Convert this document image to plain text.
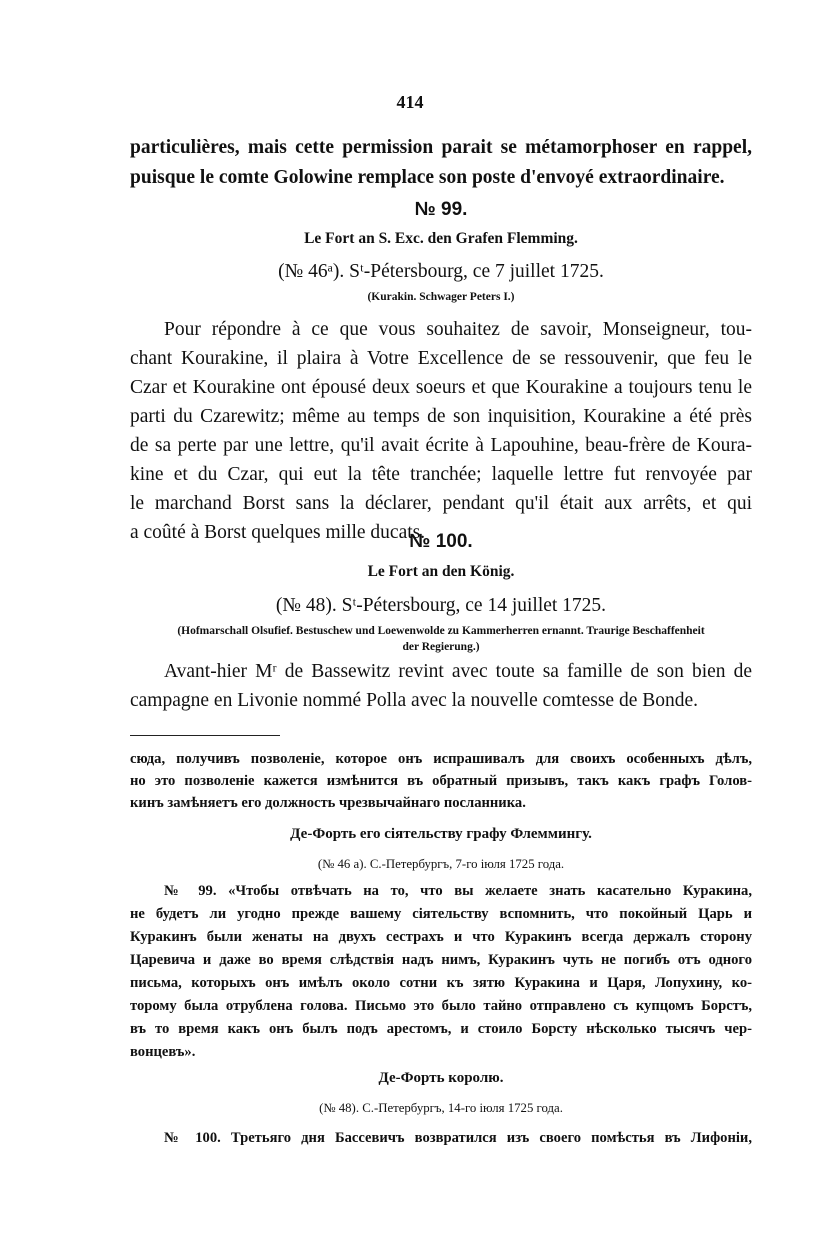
414
particulières, mais cette permission parait se métamorphoser en rappel,
puisque le comte Golowine remplace son poste d'envoyé extraordinaire.
№ 99.
Le Fort an S. Exc. den Grafen Flemming.
(№ 46ᵃ). Sᵗ-Pétersbourg, ce 7 juillet 1725.
(Kurakin. Schwager Peters I.)
Pour répondre à ce que vous souhaitez de savoir, Monseigneur, tou-
chant Kourakine, il plaira à Votre Excellence de se ressouvenir, que feu le
Czar et Kourakine ont épousé deux soeurs et que Kourakine a toujours tenu le
parti du Czarewitz; même au temps de son inquisition, Kourakine a été près
de sa perte par une lettre, qu'il avait écrite à Lapouhine, beau-frère de Koura-
kine et du Czar, qui eut la tête tranchée; laquelle lettre fut renvoyée par
le marchand Borst sans la déclarer, pendant qu'il était aux arrêts, et qui
a coûté à Borst quelques mille ducats.
№ 100.
Le Fort an den König.
(№ 48). Sᵗ-Pétersbourg, ce 14 juillet 1725.
(Hofmarschall Olsufief. Bestuschew und Loewenwolde zu Kammerherren ernannt. Traurige Beschaffenheit
der Regierung.)
Avant-hier Mʳ de Bassewitz revint avec toute sa famille de son bien de
campagne en Livonie nommé Polla avec la nouvelle comtesse de Bonde.
сюда, получивъ позволеніе, которое онъ испрашивалъ для своихъ особенныхъ дѣлъ,
но это позволеніе кажется измѣнится въ обратный призывъ, такъ какъ графъ Голов-
кинъ замѣняетъ его должность чрезвычайнаго посланника.
Де-Форть его сіятельству графу Флеммингу.
(№ 46 а). С.-Петербургъ, 7-го іюля 1725 года.
№ 99. «Чтобы отвѣчать на то, что вы желаете знать касательно Куракина,
не будетъ ли угодно прежде вашему сіятельству вспомнить, что покойный Царь и
Куракинъ были женаты на двухъ сестрахъ и что Куракинъ всегда держалъ сторону
Царевича и даже во время слѣдствія надъ нимъ, Куракинъ чуть не погибъ отъ одного
письма, которыхъ онъ имѣлъ около сотни къ зятю Куракина и Царя, Лопухину, ко-
торому была отрублена голова. Письмо это было тайно отправлено съ купцомъ Борстъ,
въ то время какъ онъ былъ подъ арестомъ, и стоило Борсту нѣсколько тысячъ чер-
вонцевъ».
Де-Форть королю.
(№ 48). С.-Петербургъ, 14-го іюля 1725 года.
№ 100. Третьяго дня Бассевичъ возвратился изъ своего помѣстья въ Лифоніи,
